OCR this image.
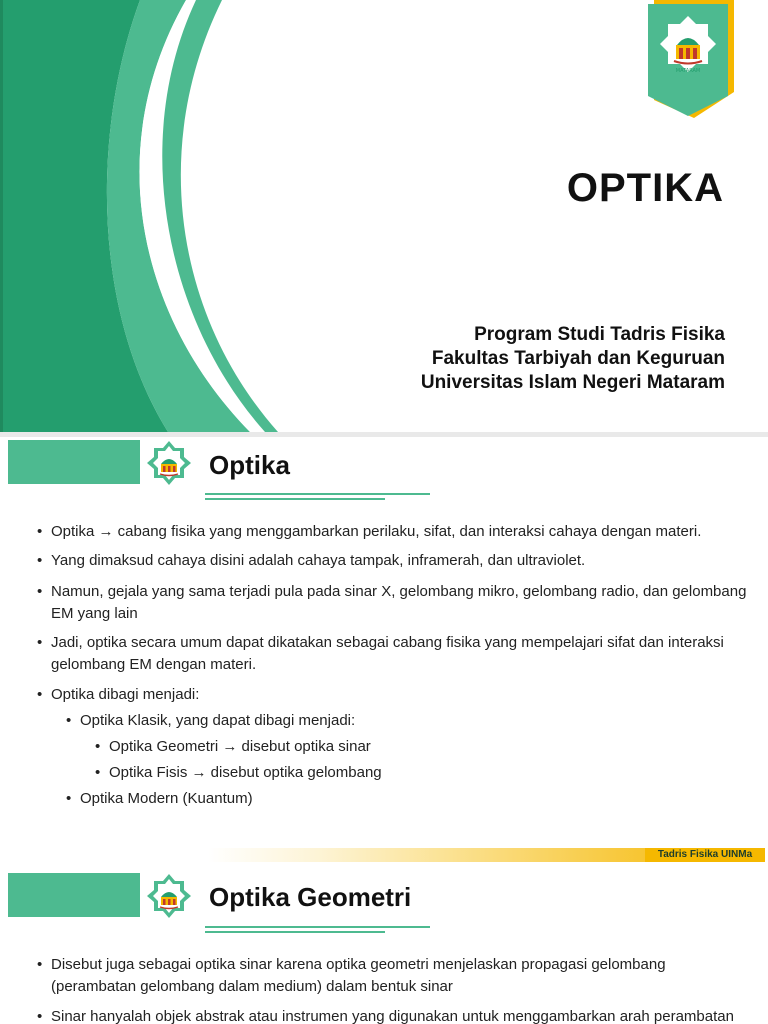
MATARAM
OPTIKA
Program Studi Tadris Fisika
Fakultas Tarbiyah dan Keguruan
Universitas Islam Negeri Mataram
Optika
• Optika → cabang fisika yang menggambarkan perilaku, sifat, dan interaksi cahaya dengan materi.
• Yang dimaksud cahaya disini adalah cahaya tampak, inframerah, dan ultraviolet.
• Namun, gejala yang sama terjadi pula pada sinar X, gelombang mikro, gelombang radio, dan gelombang EM yang lain
• Jadi, optika secara umum dapat dikatakan sebagai cabang fisika yang mempelajari sifat dan interaksi gelombang EM dengan materi.
• Optika dibagi menjadi:
• Optika Klasik, yang dapat dibagi menjadi:
• Optika Geometri → disebut optika sinar
• Optika Fisis → disebut optika gelombang
• Optika Modern (Kuantum)
Tadris Fisika UINMa
Optika Geometri
• Disebut juga sebagai optika sinar karena optika geometri menjelaskan propagasi gelombang (perambatan gelombang dalam medium) dalam bentuk sinar
• Sinar hanyalah objek abstrak atau instrumen yang digunakan untuk menggambarkan arah perambatan
